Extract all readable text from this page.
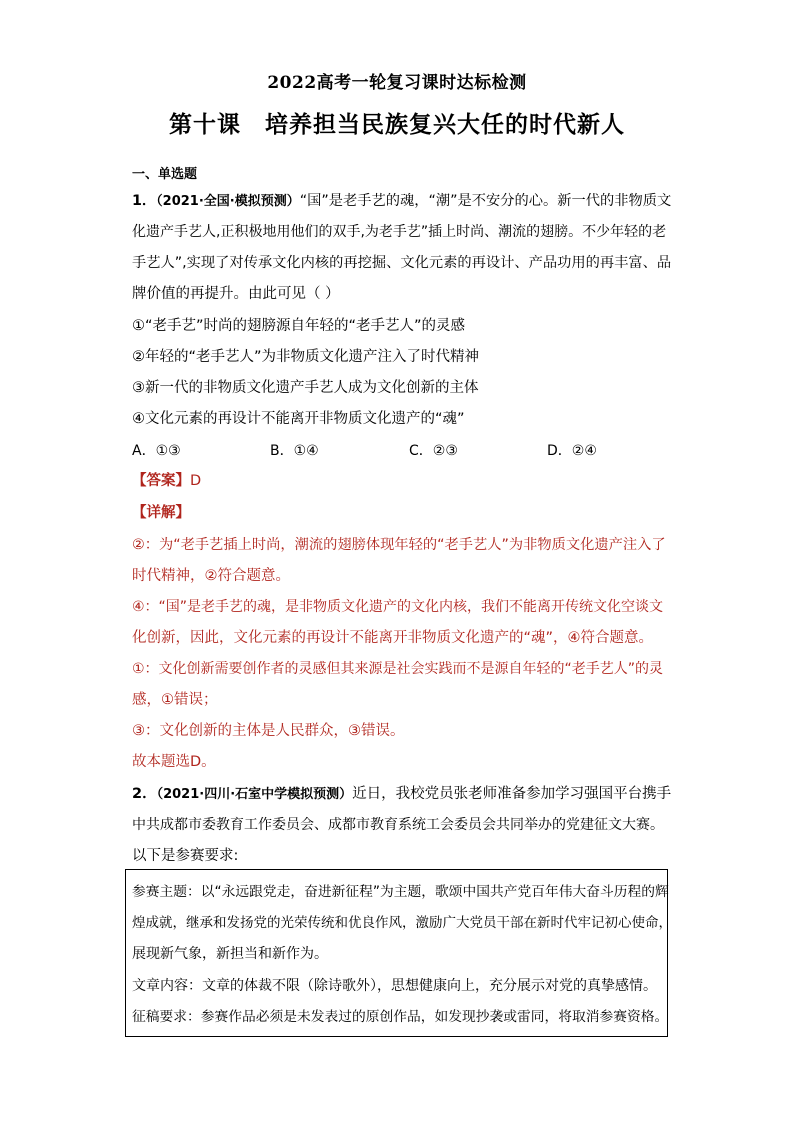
2022高考一轮复习课时达标检测
第十课　培养担当民族复兴大任的时代新人
一、单选题
1．（2021·全国·模拟预测）“国”是老手艺的魂，“潮”是不安分的心。新一代的非物质文
化遗产手艺人,正积极地用他们的双手,为老手艺”插上时尚、潮流的翅膀。不少年轻的老
手艺人”,实现了对传承文化内核的再挖掘、文化元素的再设计、产品功用的再丰富、品
牌价值的再提升。由此可见（ ）
①“老手艺”时尚的翅膀源自年轻的“老手艺人”的灵感
②年轻的“老手艺人”为非物质文化遗产注入了时代精神
③新一代的非物质文化遗产手艺人成为文化创新的主体
④文化元素的再设计不能离开非物质文化遗产的“魂”
A．①③	B．①④	C．②③	D．②④
【答案】D
【详解】
②：为“老手艺插上时尚，潮流的翅膀体现年轻的“老手艺人”为非物质文化遗产注入了
时代精神，②符合题意。
④：“国”是老手艺的魂，是非物质文化遗产的文化内核，我们不能离开传统文化空谈文
化创新，因此，文化元素的再设计不能离开非物质文化遗产的“魂”，④符合题意。
①：文化创新需要创作者的灵感但其来源是社会实践而不是源自年轻的“老手艺人”的灵
感，①错误；
③：文化创新的主体是人民群众，③错误。
故本题选D。
2．（2021·四川·石室中学模拟预测）近日，我校党员张老师准备参加学习强国平台携手
中共成都市委教育工作委员会、成都市教育系统工会委员会共同举办的党建征文大赛。
以下是参赛要求:
参赛主题：以“永远跟党走，奋进新征程”为主题，歌颂中国共产党百年伟大奋斗历程的辉
煌成就，继承和发扬党的光荣传统和优良作风，激励广大党员干部在新时代牢记初心使命，
展现新气象，新担当和新作为。
文章内容：文章的体裁不限（除诗歌外），思想健康向上，充分展示对党的真挚感情。
征稿要求：参赛作品必须是未发表过的原创作品，如发现抄袭或雷同，将取消参赛资格。
